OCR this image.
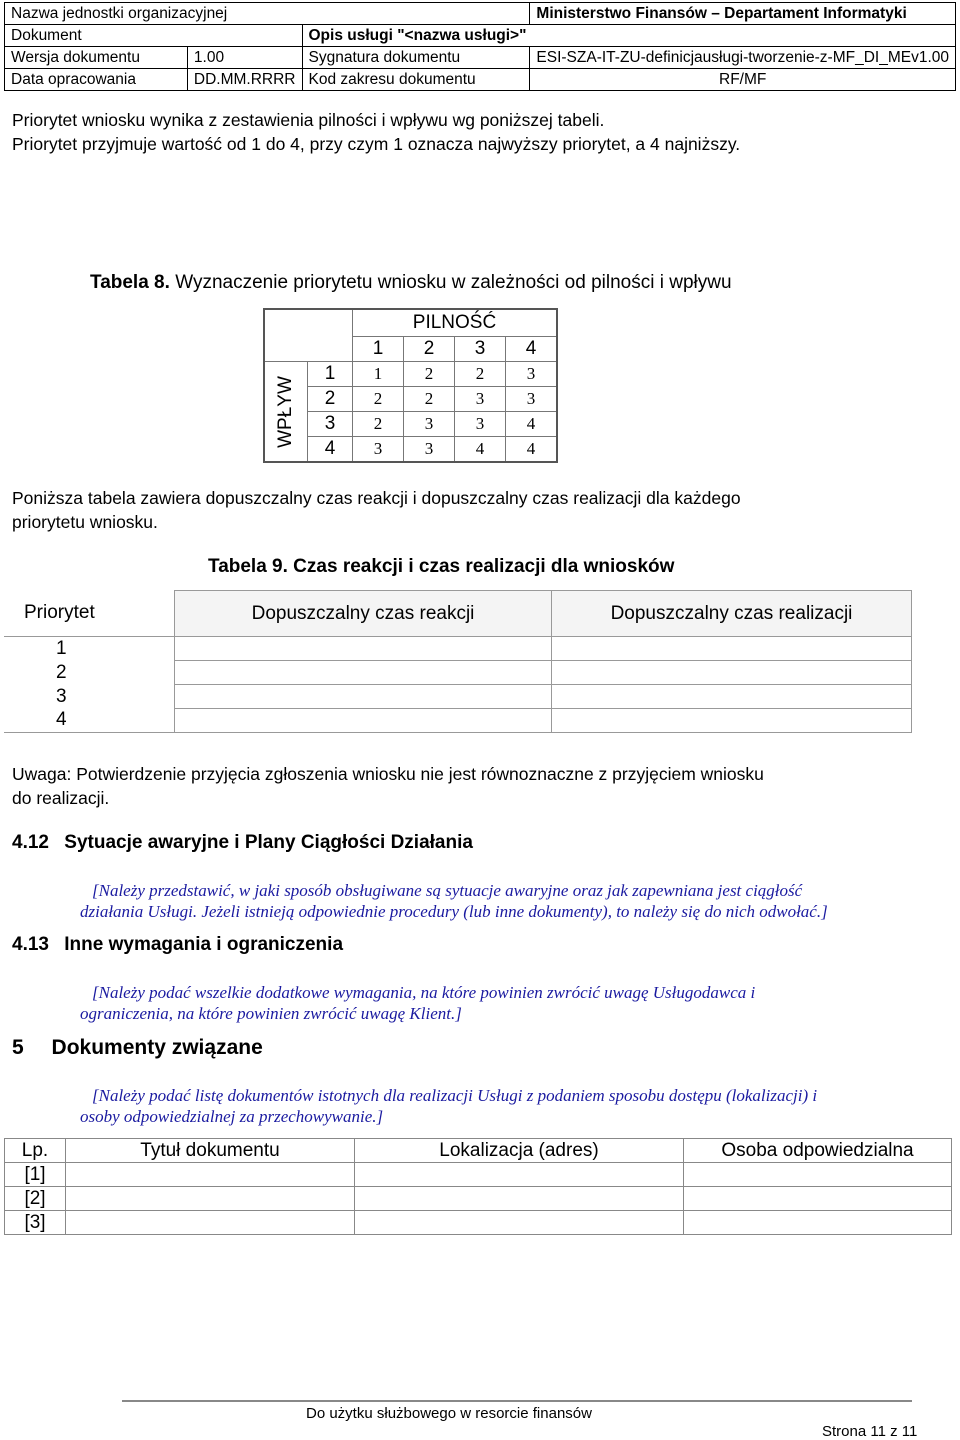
Nazwa jednostki organizacyjnej			Ministerstwo Finansów – Departament Informatyki
Dokument		Opis usługi "<nazwa usługi>"	
Wersja dokumentu	1.00	Sygnatura dokumentu	ESI-SZA-IT-ZU-definicjausługi-tworzenie-z-MF_DI_MEv1.00
Data opracowania	DD.MM.RRRR	Kod zakresu dokumentu	RF/MF
Priorytet wniosku wynika z zestawienia pilności i wpływu wg poniższej tabeli.
Priorytet przyjmuje wartość od 1 do 4, przy czym 1 oznacza najwyższy priorytet, a 4 najniższy.
Tabela 8. Wyznaczenie priorytetu wniosku w zależności od pilności i wpływu
		PILNOŚĆ			
		1	2	3	4

WPŁYW	1	1	2	2	3
	2	2	2	3	3
	3	2	3	3	4
	4	3	3	4	4
Poniższa tabela zawiera dopuszczalny czas reakcji i dopuszczalny czas realizacji dla każdego
priorytetu wniosku.
Tabela 9. Czas reakcji i czas realizacji dla wniosków
Priorytet	Dopuszczalny czas reakcji	Dopuszczalny czas realizacji
1		
2		
3		
4		
Uwaga: Potwierdzenie przyjęcia zgłoszenia wniosku nie jest równoznaczne z przyjęciem wniosku
do realizacji.
4.12 Sytuacje awaryjne i Plany Ciągłości Działania
[Należy przedstawić, w jaki sposób obsługiwane są sytuacje awaryjne oraz jak zapewniana jest ciągłość
działania Usługi. Jeżeli istnieją odpowiednie procedury (lub inne dokumenty), to należy się do nich odwołać.]
4.13 Inne wymagania i ograniczenia
[Należy podać wszelkie dodatkowe wymagania, na które powinien zwrócić uwagę Usługodawca i
ograniczenia, na które powinien zwrócić uwagę Klient.]
5 Dokumenty związane
[Należy podać listę dokumentów istotnych dla realizacji Usługi z podaniem sposobu dostępu (lokalizacji) i
osoby odpowiedzialnej za przechowywanie.]
Lp.	Tytuł dokumentu	Lokalizacja (adres)	Osoba odpowiedzialna
[1]			
[2]			
[3]			
Do użytku służbowego w resorcie finansów
Strona 11 z 11
